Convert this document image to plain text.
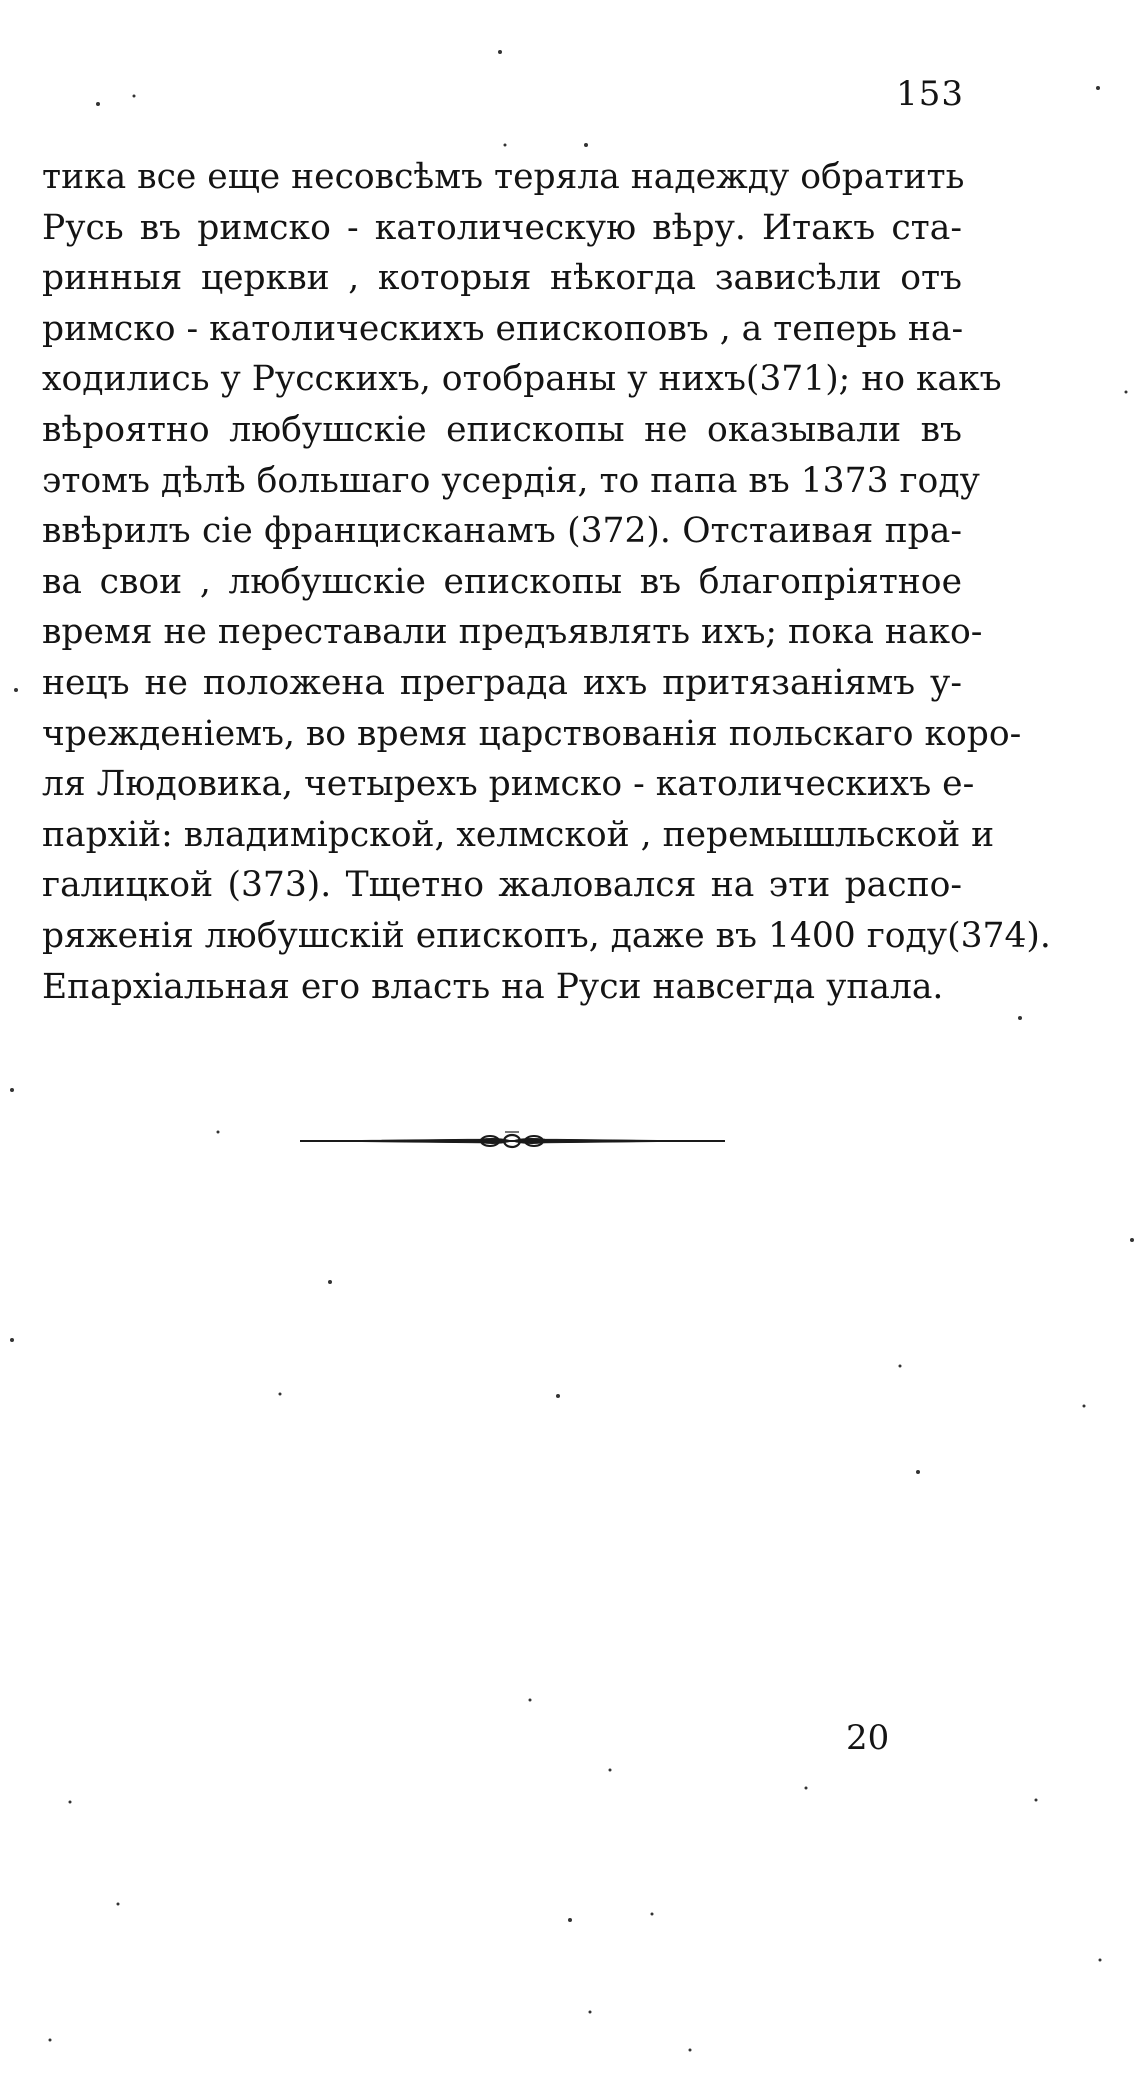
153
тика все еще несовсѣмъ теряла надежду обратить
Русь въ римско - католическую вѣру. Итакъ ста-
ринныя церкви , которыя нѣкогда зависѣли отъ
римско - католическихъ епископовъ , а теперь на-
ходились у Русскихъ, отобраны у нихъ(371); но какъ
вѣроятно любушскіе епископы не оказывали въ
этомъ дѣлѣ большаго усердія, то папа въ 1373 году
ввѣрилъ сіе францисканамъ (372). Отстаивая пра-
ва свои , любушскіе епископы въ благопріятное
время не переставали предъявлять ихъ; пока нако-
нецъ не положена преграда ихъ притязаніямъ у-
чрежденіемъ, во время царствованія польскаго коро-
ля Людовика, четырехъ римско - католическихъ е-
пархій: владимірской, хелмской , перемышльской и
галицкой (373). Тщетно жаловался на эти распо-
ряженія любушскій епископъ, даже въ 1400 году(374).
Епархіальная его власть на Руси навсегда упала.
20
